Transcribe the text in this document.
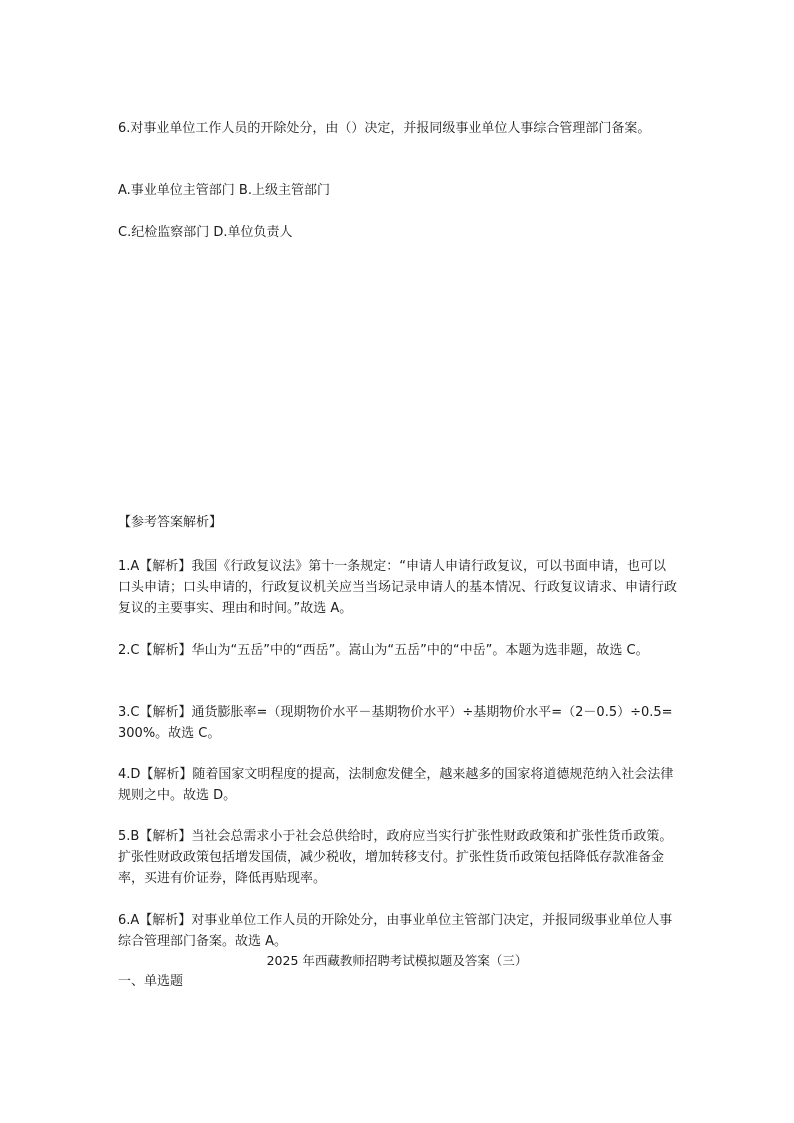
6.对事业单位工作人员的开除处分，由（）决定，并报同级事业单位人事综合管理部门备案。

A.事业单位主管部门 B.上级主管部门

C.纪检监察部门 D.单位负责人

【参考答案解析】

1.A【解析】我国《行政复议法》第十一条规定：“申请人申请行政复议，可以书面申请，也可以口头申请；口头申请的，行政复议机关应当当场记录申请人的基本情况、行政复议请求、申请行政复议的主要事实、理由和时间。”故选 A。

2.C【解析】华山为“五岳”中的“西岳”。嵩山为“五岳”中的“中岳”。本题为选非题，故选 C。

3.C【解析】通货膨胀率=（现期物价水平－基期物价水平）÷基期物价水平=（2－0.5）÷0.5=300%。故选 C。

4.D【解析】随着国家文明程度的提高，法制愈发健全，越来越多的国家将道德规范纳入社会法律规则之中。故选 D。

5.B【解析】当社会总需求小于社会总供给时，政府应当实行扩张性财政政策和扩张性货币政策。扩张性财政政策包括增发国债，减少税收，增加转移支付。扩张性货币政策包括降低存款准备金率，买进有价证券，降低再贴现率。

6.A【解析】对事业单位工作人员的开除处分，由事业单位主管部门决定，并报同级事业单位人事综合管理部门备案。故选 A。

2025 年西藏教师招聘考试模拟题及答案（三）

一、单选题
